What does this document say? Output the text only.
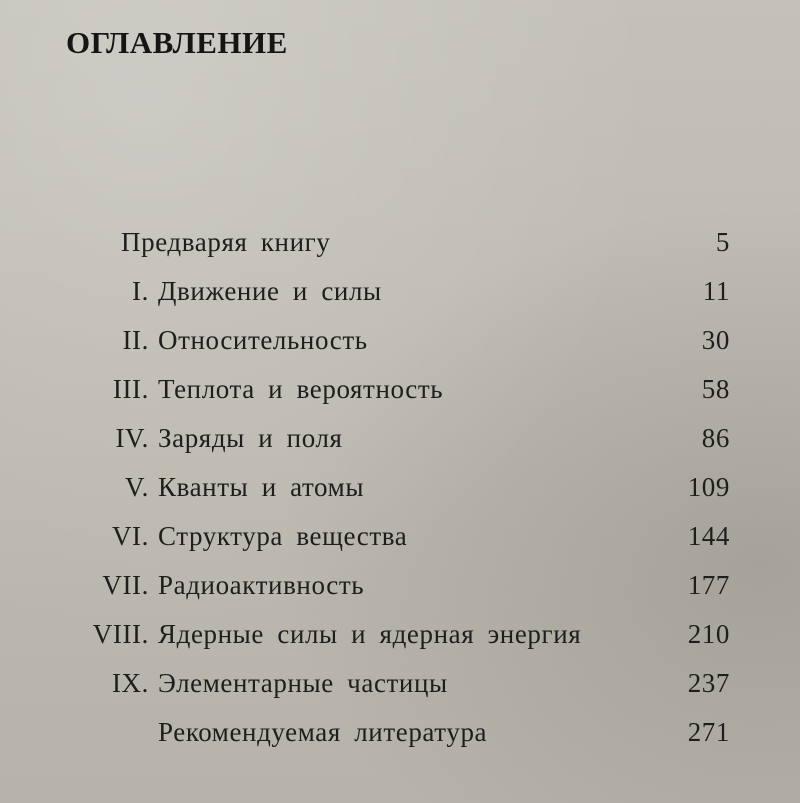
ОГЛАВЛЕНИЕ
Предваряя книгу	5
I. Движение и силы	11
II. Относительность	30
III. Теплота и вероятность	58
IV. Заряды и поля	86
V. Кванты и атомы	109
VI. Структура вещества	144
VII. Радиоактивность	177
VIII. Ядерные силы и ядерная энергия	210
IX. Элементарные частицы	237
Рекомендуемая литература	271
